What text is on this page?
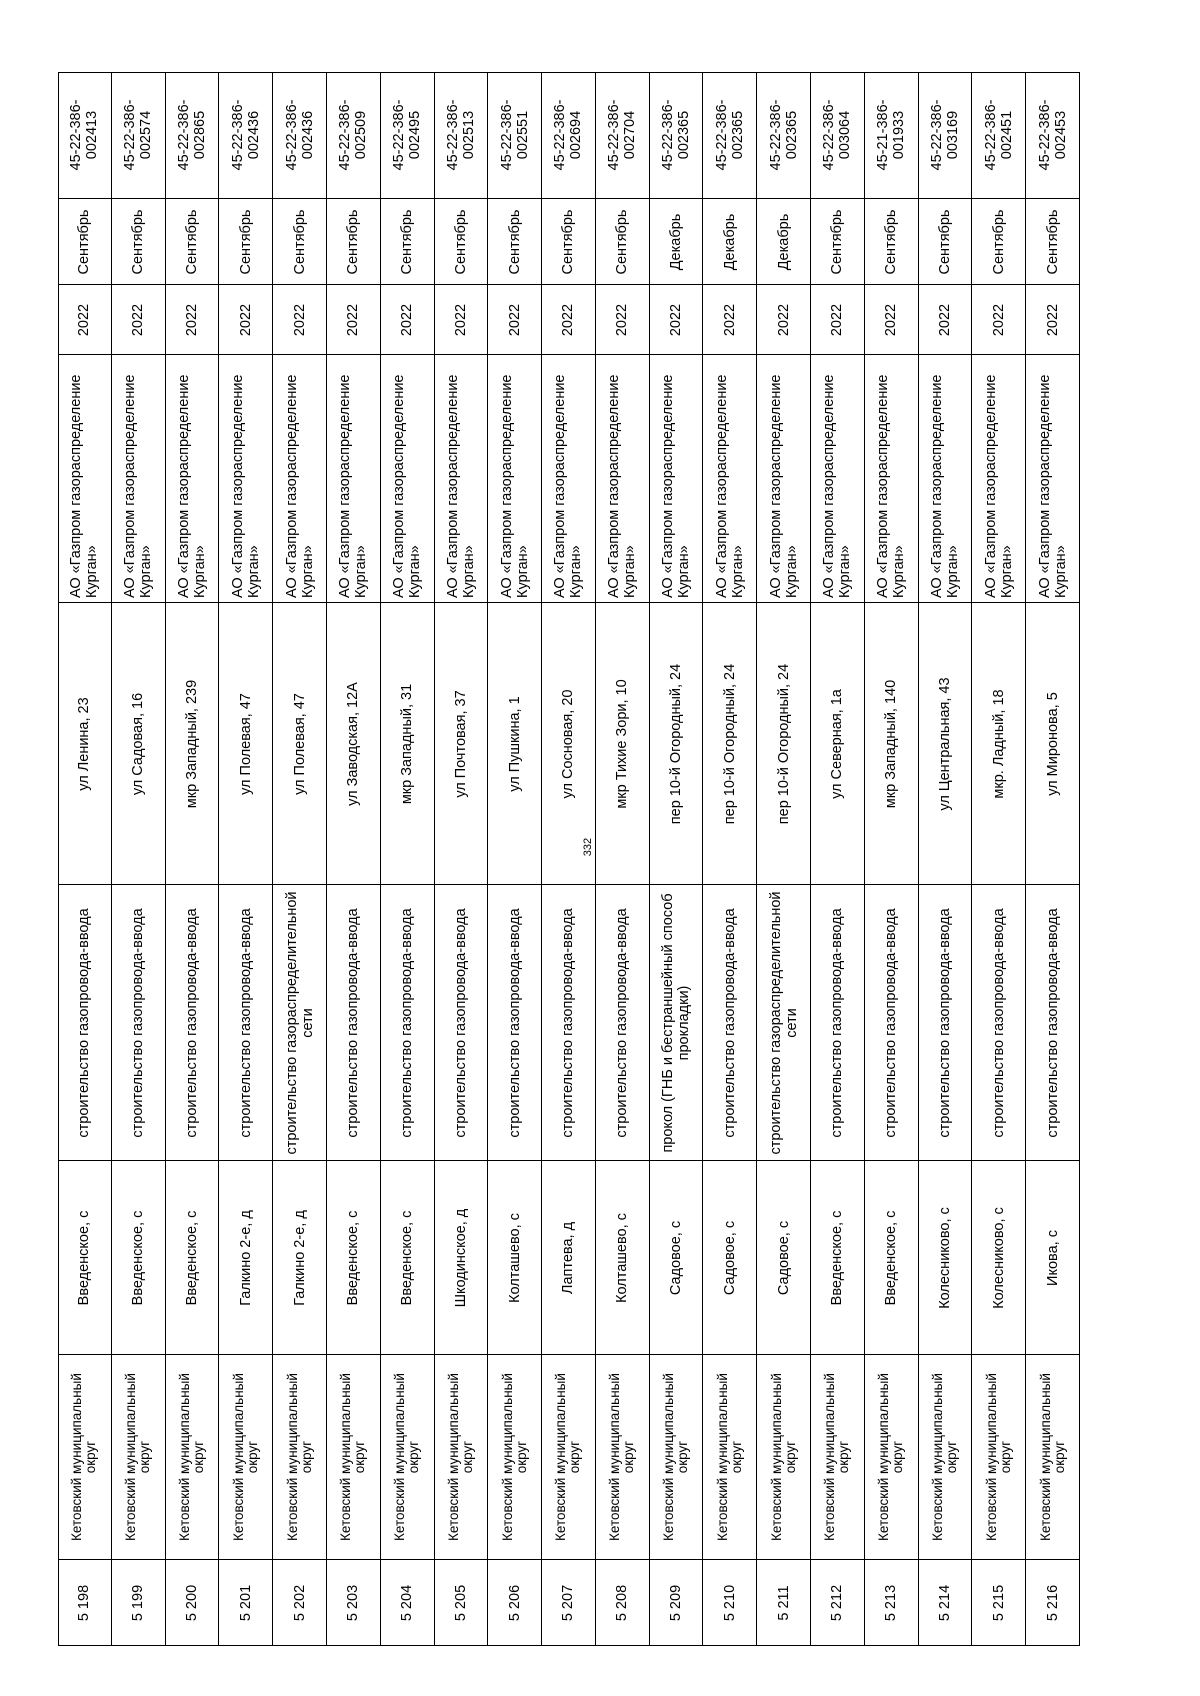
332
45-22-386-002413
Сентябрь
2022
АО «Газпром газораспределение Курган»
ул Ленина, 23
строительство газопровода-ввода
Введенское, с
Кетовский муниципальный округ
5 198
45-22-386-002574
Сентябрь
2022
АО «Газпром газораспределение Курган»
ул Садовая, 16
строительство газопровода-ввода
Введенское, с
Кетовский муниципальный округ
5 199
45-22-386-002865
Сентябрь
2022
АО «Газпром газораспределение Курган»
мкр Западный, 239
строительство газопровода-ввода
Введенское, с
Кетовский муниципальный округ
5 200
45-22-386-002436
Сентябрь
2022
АО «Газпром газораспределение Курган»
ул Полевая, 47
строительство газопровода-ввода
Галкино 2-е, д
Кетовский муниципальный округ
5 201
45-22-386-002436
Сентябрь
2022
АО «Газпром газораспределение Курган»
ул Полевая, 47
строительство газораспределительной сети
Галкино 2-е, д
Кетовский муниципальный округ
5 202
45-22-386-002509
Сентябрь
2022
АО «Газпром газораспределение Курган»
ул Заводская, 12А
строительство газопровода-ввода
Введенское, с
Кетовский муниципальный округ
5 203
45-22-386-002495
Сентябрь
2022
АО «Газпром газораспределение Курган»
мкр Западный, 31
строительство газопровода-ввода
Введенское, с
Кетовский муниципальный округ
5 204
45-22-386-002513
Сентябрь
2022
АО «Газпром газораспределение Курган»
ул Почтовая, 37
строительство газопровода-ввода
Шкодинское, д
Кетовский муниципальный округ
5 205
45-22-386-002551
Сентябрь
2022
АО «Газпром газораспределение Курган»
ул Пушкина, 1
строительство газопровода-ввода
Колташево, с
Кетовский муниципальный округ
5 206
45-22-386-002694
Сентябрь
2022
АО «Газпром газораспределение Курган»
ул Сосновая, 20
строительство газопровода-ввода
Лаптева, д
Кетовский муниципальный округ
5 207
45-22-386-002704
Сентябрь
2022
АО «Газпром газораспределение Курган»
мкр Тихие Зори, 10
строительство газопровода-ввода
Колташево, с
Кетовский муниципальный округ
5 208
45-22-386-002365
Декабрь
2022
АО «Газпром газораспределение Курган»
пер 10-й Огородный, 24
прокол (ГНБ и бестраншейный способ прокладки)
Садовое, с
Кетовский муниципальный округ
5 209
45-22-386-002365
Декабрь
2022
АО «Газпром газораспределение Курган»
пер 10-й Огородный, 24
строительство газопровода-ввода
Садовое, с
Кетовский муниципальный округ
5 210
45-22-386-002365
Декабрь
2022
АО «Газпром газораспределение Курган»
пер 10-й Огородный, 24
строительство газораспределительной сети
Садовое, с
Кетовский муниципальный округ
5 211
45-22-386-003064
Сентябрь
2022
АО «Газпром газораспределение Курган»
ул Северная, 1а
строительство газопровода-ввода
Введенское, с
Кетовский муниципальный округ
5 212
45-21-386-001933
Сентябрь
2022
АО «Газпром газораспределение Курган»
мкр Западный, 140
строительство газопровода-ввода
Введенское, с
Кетовский муниципальный округ
5 213
45-22-386-003169
Сентябрь
2022
АО «Газпром газораспределение Курган»
ул Центральная, 43
строительство газопровода-ввода
Колесниково, с
Кетовский муниципальный округ
5 214
45-22-386-002451
Сентябрь
2022
АО «Газпром газораспределение Курган»
мкр. Ладный, 18
строительство газопровода-ввода
Колесниково, с
Кетовский муниципальный округ
5 215
45-22-386-002453
Сентябрь
2022
АО «Газпром газораспределение Курган»
ул Миронова, 5
строительство газопровода-ввода
Икова, с
Кетовский муниципальный округ
5 216
